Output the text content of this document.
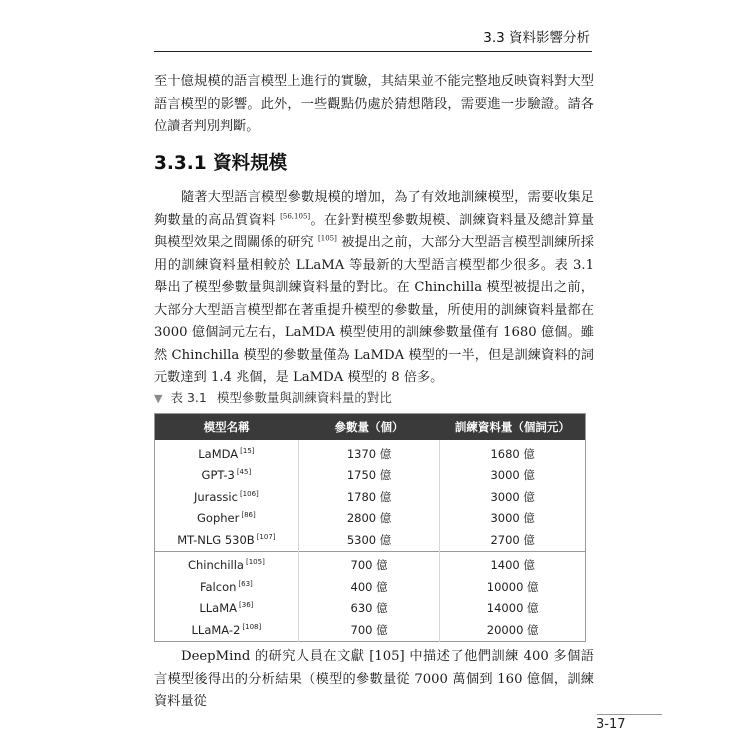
3.3 資料影響分析

至十億規模的語言模型上進行的實驗，其結果並不能完整地反映資料對大型語言模型的影響。此外，一些觀點仍處於猜想階段，需要進一步驗證。請各位讀者判別判斷。

3.3.1 資料規模

隨著大型語言模型參數規模的增加，為了有效地訓練模型，需要收集足夠數量的高品質資料 [56,105]。在針對模型參數規模、訓練資料量及總計算量與模型效果之間關係的研究 [105] 被提出之前，大部分大型語言模型訓練所採用的訓練資料量相較於 LLaMA 等最新的大型語言模型都少很多。表 3.1 舉出了模型參數量與訓練資料量的對比。在 Chinchilla 模型被提出之前，大部分大型語言模型都在著重提升模型的參數量，所使用的訓練資料量都在 3000 億個詞元左右，LaMDA 模型使用的訓練參數量僅有 1680 億個。雖然 Chinchilla 模型的參數量僅為 LaMDA 模型的一半，但是訓練資料的詞元數達到 1.4 兆個，是 LaMDA 模型的 8 倍多。

▼ 表 3.1 模型參數量與訓練資料量的對比
模型名稱	參數量（個）	訓練資料量（個詞元）
LaMDA [15]	1370 億	1680 億
GPT-3 [45]	1750 億	3000 億
Jurassic [106]	1780 億	3000 億
Gopher [86]	2800 億	3000 億
MT-NLG 530B [107]	5300 億	2700 億
Chinchilla [105]	700 億	1400 億
Falcon [63]	400 億	10000 億
LLaMA [36]	630 億	14000 億
LLaMA-2 [108]	700 億	20000 億

DeepMind 的研究人員在文獻 [105] 中描述了他們訓練 400 多個語言模型後得出的分析結果（模型的參數量從 7000 萬個到 160 億個，訓練資料量從

3-17
